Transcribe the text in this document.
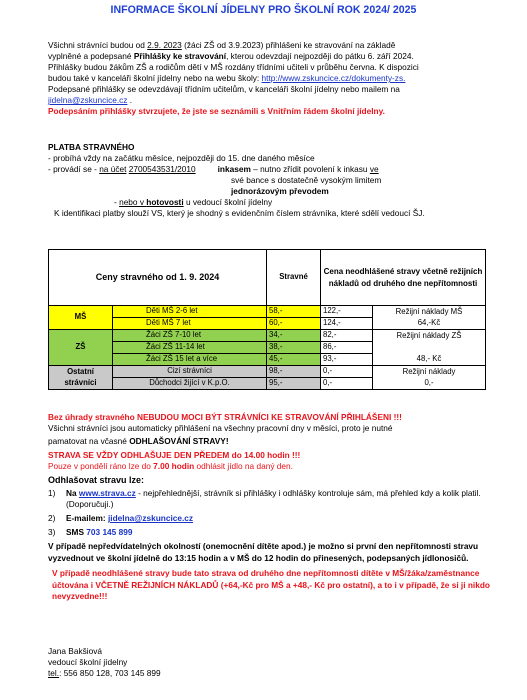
INFORMACE ŠKOLNÍ JÍDELNY PRO ŠKOLNÍ ROK 2024/ 2025

Všichni strávníci budou od 2.9. 2023 (žáci ZŠ od 3.9.2023) přihlášeni ke stravování na základě

vyplněné a podepsané Přihlášky ke stravování, kterou odevzdají nejpozději do pátku 6. září 2024.

Přihlášky budou žákům ZŠ a rodičům dětí v MŠ rozdány třídními učiteli v průběhu června. K dispozici

budou také v kanceláři školní jídelny nebo na webu školy: http://www.zskuncice.cz/dokumenty-zs.

Podepsané přihlášky se odevzdávají třídním učitelům, v kanceláři školní jídelny nebo mailem na

jidelna@zskuncice.cz .

Podepsáním přihlášky stvrzujete, že jste se seznámili s Vnitřním řádem školní jídelny.

PLATBA STRAVNÉHO

- probíhá vždy na začátku měsíce, nejpozději do 15. dne daného měsíce

- provádí se - na účet 2700543531/2010	inkasem – nutno zřídit povolení k inkasu ve

své bance s dostatečně vysokým limitem

jednorázovým převodem

- nebo v hotovosti u vedoucí školní jídelny

K identifikaci platby slouží VS, který je shodný s evidenčním číslem strávníka, které sdělí vedoucí ŠJ.

Ceny stravného od 1. 9. 2024		Stravné	Cena neodhlášené stravy včetně režijních nákladů od druhého dne nepřítomnosti	
MŠ	Děti MŠ 2-6 let	58,-	122,-	Režijní náklady MŠ
	Děti MŠ 7 let	60,-	124,-	64,-Kč
ZŠ	Žáci ZŠ 7-10 let	34,-	82,-	Režijní náklady ZŠ
	Žáci ZŠ 11-14 let	38,-	86,-	
	Žáci ZŠ 15 let a více	45,-	93,-	48,- Kč
Ostatní strávníci	Cizí strávníci	98,-	0,-	Režijní náklady
	Důchodci žijící v K.p.O.	95,-	0,-	0,-

Bez úhrady stravného NEBUDOU MOCI BÝT STRÁVNÍCI KE STRAVOVÁNÍ PŘIHLÁŠENI !!!

Všichni strávníci jsou automaticky přihlášení na všechny pracovní dny v měsíci, proto je nutné

pamatovat na včasné ODHLAŠOVÁNÍ STRAVY!

STRAVA SE VŽDY ODHLAŠUJE DEN PŘEDEM do 14.00 hodin !!!

Pouze v pondělí ráno lze do 7.00 hodin odhlásit jídlo na daný den.

Odhlašovat stravu lze:

1) Na www.strava.cz - nejpřehlednější, strávník si přihlášky i odhlášky kontroluje sám, má přehled kdy a kolik platil. (Doporučuji.)
2) E-mailem: jidelna@zskuncice.cz
3) SMS 703 145 899

V případě nepředvídatelných okolností (onemocnění dítěte apod.) je možno si první den nepřítomnosti stravu vyzvednout ve školní jídelně do 13:15 hodin a v MŠ do 12 hodin do přinesených, podepsaných jídlonosičů.

V případě neodhlášené stravy bude tato strava od druhého dne nepřítomnosti dítěte v MŠ/žáka/zaměstnance účtována i VČETNĚ REŽIJNÍCH NÁKLADŮ (+64,-Kč pro MŠ a +48,- Kč pro ostatní), a to i v případě, že si ji nikdo nevyzvedne!!!

Jana Bakšiová

vedoucí školní jídelny

tel.: 556 850 128, 703 145 899
